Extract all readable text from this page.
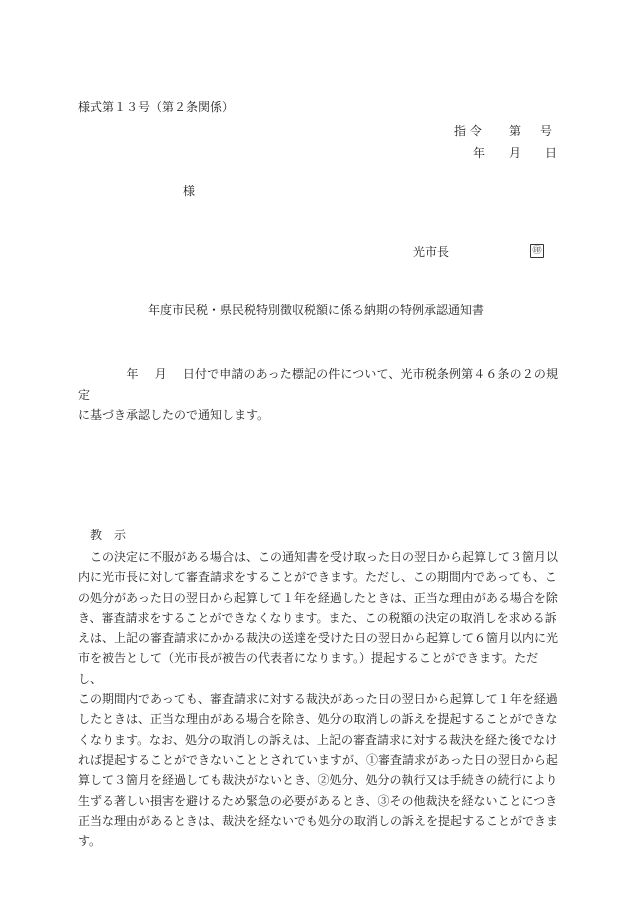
様式第１３号（第２条関係）
指 令 第 号
年 月 日
様
光市長	㊞
年度市民税・県民税特別徴収税額に係る納期の特例承認通知書
　　　　年　 月　 日付で申請のあった標記の件について、光市税条例第４６条の２の規定
に基づき承認したので通知します。
教　示
　この決定に不服がある場合は、この通知書を受け取った日の翌日から起算して３箇月以
内に光市長に対して審査請求をすることができます。ただし、この期間内であっても、こ
の処分があった日の翌日から起算して１年を経過したときは、正当な理由がある場合を除
き、審査請求をすることができなくなります。また、この税額の決定の取消しを求める訴
えは、上記の審査請求にかかる裁決の送達を受けた日の翌日から起算して６箇月以内に光
市を被告として（光市長が被告の代表者になります。）提起することができます。ただし、
この期間内であっても、審査請求に対する裁決があった日の翌日から起算して１年を経過
したときは、正当な理由がある場合を除き、処分の取消しの訴えを提起することができな
くなります。なお、処分の取消しの訴えは、上記の審査請求に対する裁決を経た後でなけ
れば提起することができないこととされていますが、①審査請求があった日の翌日から起
算して３箇月を経過しても裁決がないとき、②処分、処分の執行又は手続きの続行により
生ずる著しい損害を避けるため緊急の必要があるとき、③その他裁決を経ないことにつき
正当な理由があるときは、裁決を経ないでも処分の取消しの訴えを提起することができま
す。
